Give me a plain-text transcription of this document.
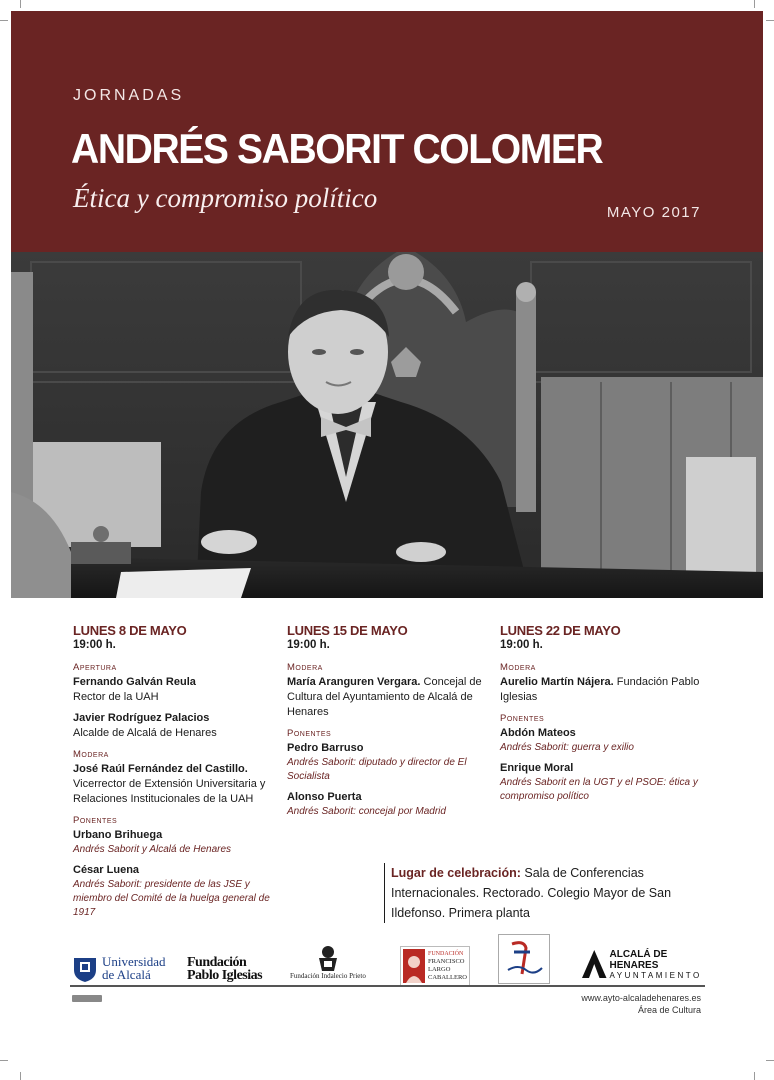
JORNADAS
ANDRÉS SABORIT COLOMER
Ética y compromiso político	MAYO 2017
LUNES 8 DE MAYO
19:00 h.
Apertura
Fernando Galván Reula
Rector de la UAH
Javier Rodríguez Palacios
Alcalde de Alcalá de Henares
Modera
José Raúl Fernández del Castillo. Vicerrector de Extensión Universitaria y Relaciones Institucionales de la UAH
Ponentes
Urbano Brihuega
Andrés Saborit y Alcalá de Henares
César Luena
Andrés Saborit: presidente de las JSE y miembro del Comité de la huelga general de 1917
LUNES 15 DE MAYO
19:00 h.
Modera
María Aranguren Vergara. Concejal de Cultura del Ayuntamiento de Alcalá de Henares
Ponentes
Pedro Barruso
Andrés Saborit: diputado y director de El Socialista
Alonso Puerta
Andrés Saborit: concejal por Madrid
LUNES 22 DE MAYO
19:00 h.
Modera
Aurelio Martín Nájera. Fundación Pablo Iglesias
Ponentes
Abdón Mateos
Andrés Saborit: guerra y exilio
Enrique Moral
Andrés Saborit en la UGT y el PSOE: ética y compromiso político
Lugar de celebración: Sala de Conferencias Internacionales. Rectorado. Colegio Mayor de San Ildefonso. Primera planta
Universidad
de Alcalá
Fundación
Pablo Iglesias	Fundación Indalecio Prieto
FUNDACIÓN
FRANCISCO
LARGO
CABALLERO
ALCALÁ DE HENARES
AYUNTAMIENTO
www.ayto-alcaladehenares.es
Área de Cultura
